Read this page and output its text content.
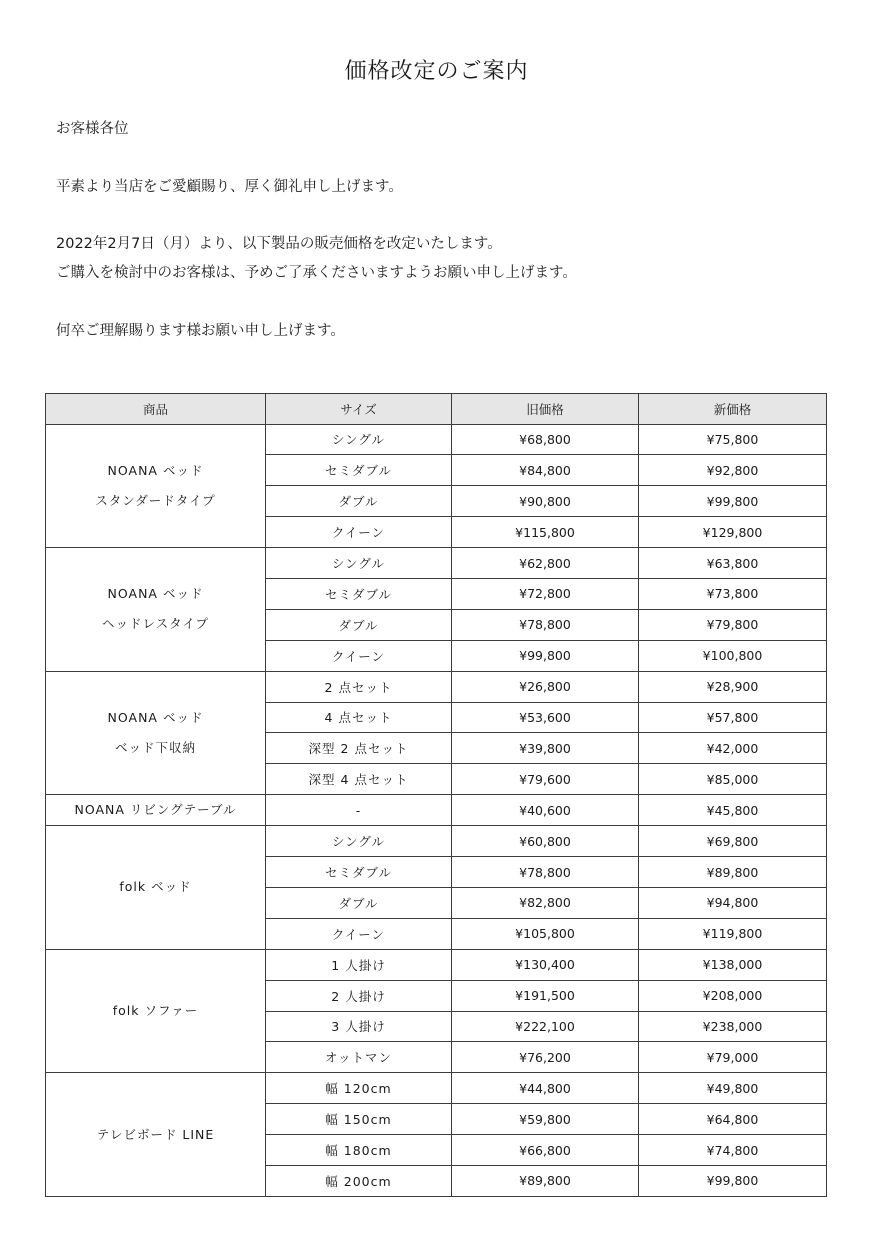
価格改定のご案内
お客様各位
平素より当店をご愛顧賜り、厚く御礼申し上げます。
2022年2月7日（月）より、以下製品の販売価格を改定いたします。
ご購入を検討中のお客様は、予めご了承くださいますようお願い申し上げます。
何卒ご理解賜ります様お願い申し上げます。
商品	サイズ	旧価格	新価格

NOANA ベッド
スタンダードタイプ	シングル	¥68,800	¥75,800
	セミダブル	¥84,800	¥92,800
	ダブル	¥90,800	¥99,800
	クイーン	¥115,800	¥129,800

NOANA ベッド
ヘッドレスタイプ	シングル	¥62,800	¥63,800
	セミダブル	¥72,800	¥73,800
	ダブル	¥78,800	¥79,800
	クイーン	¥99,800	¥100,800

NOANA ベッド
ベッド下収納	2 点セット	¥26,800	¥28,900
	4 点セット	¥53,600	¥57,800
	深型 2 点セット	¥39,800	¥42,000
	深型 4 点セット	¥79,600	¥85,000

NOANA リビングテーブル	-	¥40,600	¥45,800

folk ベッド	シングル	¥60,800	¥69,800
	セミダブル	¥78,800	¥89,800
	ダブル	¥82,800	¥94,800
	クイーン	¥105,800	¥119,800

folk ソファー	1 人掛け	¥130,400	¥138,000
	2 人掛け	¥191,500	¥208,000
	3 人掛け	¥222,100	¥238,000
	オットマン	¥76,200	¥79,000

テレビボード LINE	幅 120cm	¥44,800	¥49,800
	幅 150cm	¥59,800	¥64,800
	幅 180cm	¥66,800	¥74,800
	幅 200cm	¥89,800	¥99,800
